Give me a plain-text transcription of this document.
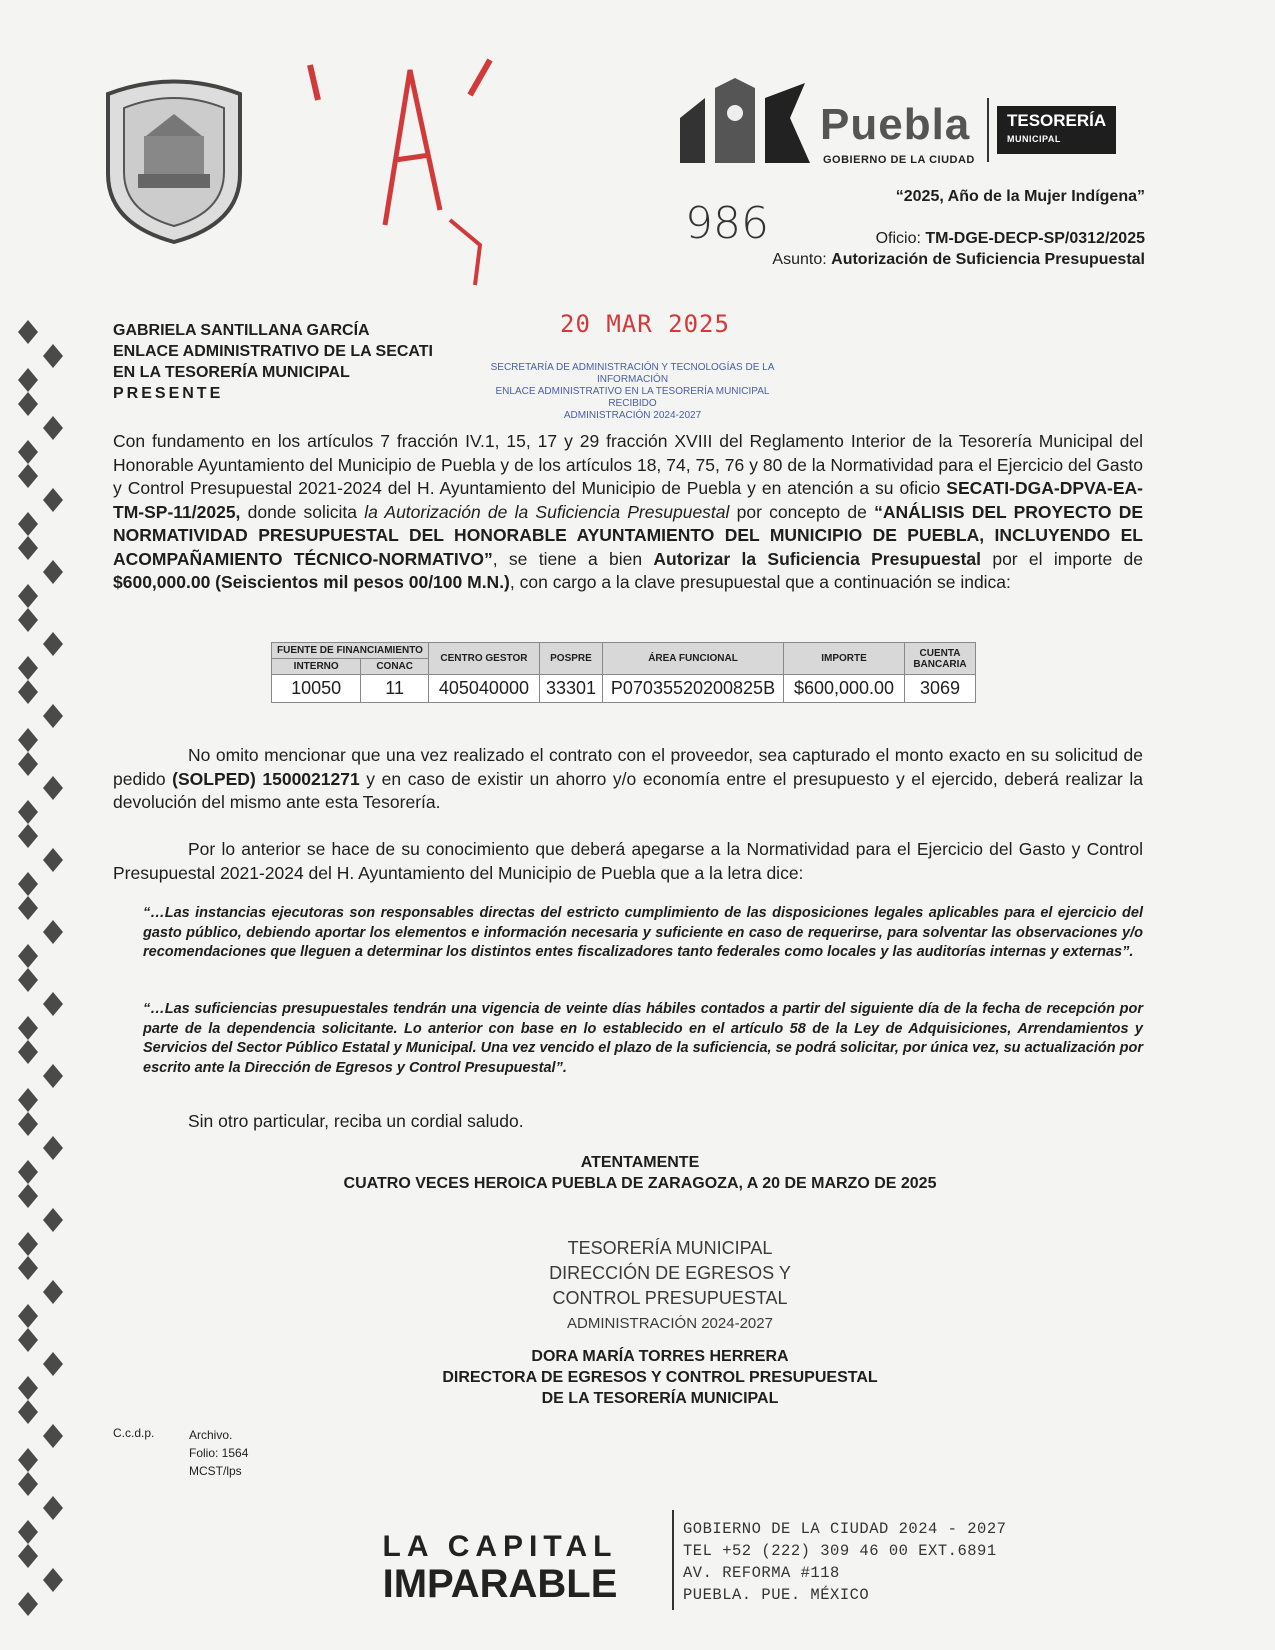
Puebla
GOBIERNO DE LA CIUDAD
TESORERÍA
MUNICIPAL
“2025, Año de la Mujer Indígena”
986	Oficio: TM-DGE-DECP-SP/0312/2025
Asunto: Autorización de Suficiencia Presupuestal
20 MAR 2025
SECRETARÍA DE ADMINISTRACIÓN Y TECNOLOGÍAS DE LA
INFORMACIÓN
ENLACE ADMINISTRATIVO EN LA TESORERÍA MUNICIPAL
RECIBIDO
ADMINISTRACIÓN 2024-2027
GABRIELA SANTILLANA GARCÍA
ENLACE ADMINISTRATIVO DE LA SECATI
EN LA TESORERÍA MUNICIPAL
PRESENTE
Con fundamento en los artículos 7 fracción IV.1, 15, 17 y 29 fracción XVIII del Reglamento Interior de la Tesorería Municipal del Honorable Ayuntamiento del Municipio de Puebla y de los artículos 18, 74, 75, 76 y 80 de la Normatividad para el Ejercicio del Gasto y Control Presupuestal 2021-2024 del H. Ayuntamiento del Municipio de Puebla y en atención a su oficio SECATI-DGA-DPVA-EA-TM-SP-11/2025, donde solicita la Autorización de la Suficiencia Presupuestal por concepto de “ANÁLISIS DEL PROYECTO DE NORMATIVIDAD PRESUPUESTAL DEL HONORABLE AYUNTAMIENTO DEL MUNICIPIO DE PUEBLA, INCLUYENDO EL ACOMPAÑAMIENTO TÉCNICO-NORMATIVO”, se tiene a bien Autorizar la Suficiencia Presupuestal por el importe de $600,000.00 (Seiscientos mil pesos 00/100 M.N.), con cargo a la clave presupuestal que a continuación se indica:
FUENTE DE FINANCIAMIENTO		CENTRO GESTOR	POSPRE	ÁREA FUNCIONAL	IMPORTE	CUENTA BANCARIA
INTERNO	CONAC					
10050	11	405040000	33301	P07035520200825B	$600,000.00	3069
No omito mencionar que una vez realizado el contrato con el proveedor, sea capturado el monto exacto en su solicitud de pedido (SOLPED) 1500021271 y en caso de existir un ahorro y/o economía entre el presupuesto y el ejercido, deberá realizar la devolución del mismo ante esta Tesorería.
Por lo anterior se hace de su conocimiento que deberá apegarse a la Normatividad para el Ejercicio del Gasto y Control Presupuestal 2021-2024 del H. Ayuntamiento del Municipio de Puebla que a la letra dice:
“…Las instancias ejecutoras son responsables directas del estricto cumplimiento de las disposiciones legales aplicables para el ejercicio del gasto público, debiendo aportar los elementos e información necesaria y suficiente en caso de requerirse, para solventar las observaciones y/o recomendaciones que lleguen a determinar los distintos entes fiscalizadores tanto federales como locales y las auditorías internas y externas”.
“…Las suficiencias presupuestales tendrán una vigencia de veinte días hábiles contados a partir del siguiente día de la fecha de recepción por parte de la dependencia solicitante. Lo anterior con base en lo establecido en el artículo 58 de la Ley de Adquisiciones, Arrendamientos y Servicios del Sector Público Estatal y Municipal. Una vez vencido el plazo de la suficiencia, se podrá solicitar, por única vez, su actualización por escrito ante la Dirección de Egresos y Control Presupuestal”.
Sin otro particular, reciba un cordial saludo.
ATENTAMENTE
CUATRO VECES HEROICA PUEBLA DE ZARAGOZA, A 20 DE MARZO DE 2025
TESORERÍA MUNICIPAL
DIRECCIÓN DE EGRESOS Y
CONTROL PRESUPUESTAL
ADMINISTRACIÓN 2024-2027
DORA MARÍA TORRES HERRERA
DIRECTORA DE EGRESOS Y CONTROL PRESUPUESTAL
DE LA TESORERÍA MUNICIPAL
C.c.d.p.	Archivo.
Folio: 1564
MCST/lps
LA CAPITAL
IMPARABLE
GOBIERNO DE LA CIUDAD 2024 - 2027
TEL +52 (222) 309 46 00 EXT.6891
AV. REFORMA #118
PUEBLA. PUE. MÉXICO
